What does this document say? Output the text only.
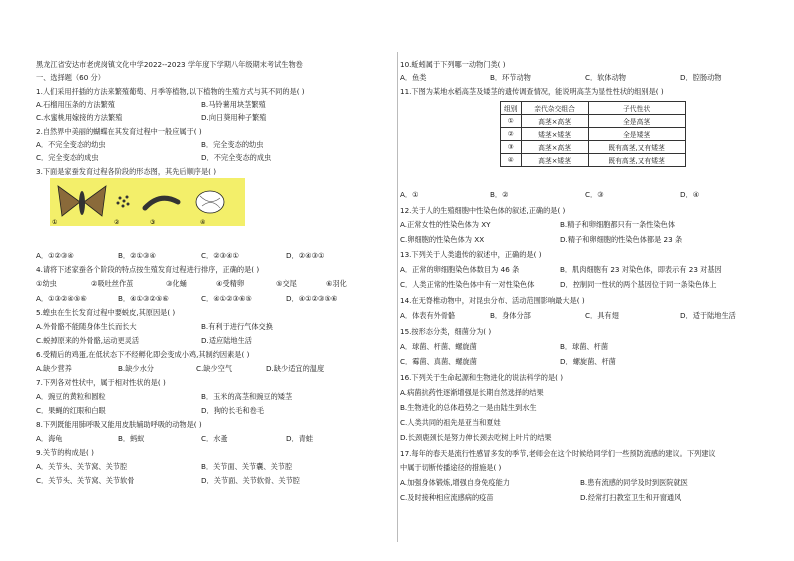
黑龙江省安达市老虎岗镇文化中学2022--2023 学年度下学期八年级期末考试生物卷
一、选择题（60 分）
1.人们采用扦插的方法来繁殖葡萄、月季等植物,以下植物的生殖方式与其不同的是( )
A.石榴用压条的方法繁殖	B.马铃薯用块茎繁殖
C.水蜜桃用嫁接的方法繁殖	D.向日葵用种子繁殖
2.自然界中美丽的蝴蝶在其发育过程中一般应属于( )
A．不完全变态的幼虫	B．完全变态的幼虫
C．完全变态的成虫	D．不完全变态的成虫
3.下面是家蚕发育过程各阶段的形态图，其先后顺序是( )
①	②	③	④
A．①②③④	B．②①③④	C．②③④①	D．②④③①
4.请将下述家蚕各个阶段的特点按生殖发育过程进行排序，正确的是( )
①幼虫	②吸吐丝作茧	③化蛹	④受精卵	⑤交尾	⑥羽化
A．①③②④⑤⑥	B．④①③②⑤⑥	C．④①②③⑥⑤	D．④①②③⑤⑥
5.蝗虫在生长发育过程中要蜕皮,其原因是( )
A.外骨骼不能随身体生长而长大	B.有利于进行气体交换
C.蜕掉原来的外骨骼,运动更灵活	D.适应陆地生活
6.受精后的鸡蛋,在低状态下不经孵化即会变成小鸡,其制约因素是( )
A.缺少营养	B.缺少水分	C.缺少空气	D.缺少适宜的温度
7.下列各对性状中，属于相对性状的是( )
A．豌豆的黄粒和圆粒	B．玉米的高茎和豌豆的矮茎
C．果蝇的红眼和白眼	D．狗的长毛和卷毛
8.下列既能用肺呼吸又能用皮肤辅助呼吸的动物是( )
A．海龟	B．蚂蚁	C．水蚤	D．青蛙
9.关节的构成是( )
A．关节头、关节窝、关节腔	B．关节面、关节囊、关节腔
C．关节头、关节窝、关节软骨	D．关节面、关节软骨、关节腔
10.蚯蚓属于下列哪一动物门类( )
A．鱼类	B．环节动物	C．软体动物	D．腔肠动物
11.下图为某地水稻高茎及矮茎的遗传调查情况，能说明高茎为显性性状的组别是( )
组别	亲代杂交组合	子代性状
①	高茎×高茎	全是高茎
②	矮茎×矮茎	全是矮茎
③	高茎×高茎	既有高茎,又有矮茎
④	高茎×矮茎	既有高茎,又有矮茎
A．①	B．②	C．③	D．④
12.关于人的生殖细胞中性染色体的叙述,正确的是( )
A.正常女性的性染色体为 XY	B.精子和卵细胞都只有一条性染色体
C.卵细胞的性染色体为 XX	D.精子和卵细胞的性染色体都是 23 条
13.下列关于人类遗传的叙述中，正确的是( )
A．正常的卵细胞染色体数目为 46 条	B．肌肉细胞有 23 对染色体，即表示有 23 对基因
C．人类正常的性染色体中有一对性染色体	D．控制同一性状的两个基因位于同一条染色体上
14.在无脊椎动物中，对昆虫分布、活动范围影响最大是( )
A．体表有外骨骼	B．身体分部	C．具有翅	D．适于陆地生活
15.按形态分类，细菌分为( )
A．球菌、杆菌、螺旋菌	B．球菌、杆菌
C．霉菌、真菌、螺旋菌	D．螺旋菌、杆菌
16.下列关于生命起源和生物进化的说法科学的是( )
A.病菌抗药性逐渐增强是长期自然选择的结果
B.生物进化的总体趋势之一是由陆生到水生
C.人类共同的祖先是亚当和夏娃
D.长颈鹿颈长是努力伸长颈去吃树上叶片的结果
17.每年的春天是流行性感冒多发的季节,老师会在这个时候给同学们一些预防流感的建议。下列建议
中属于切断传播途径的措施是( )
A.加强身体锻炼,增强自身免疫能力	B.患有流感的同学及时到医院就医
C.及时接种相应流感病的疫苗	D.经常打扫教室卫生和开窗通风
